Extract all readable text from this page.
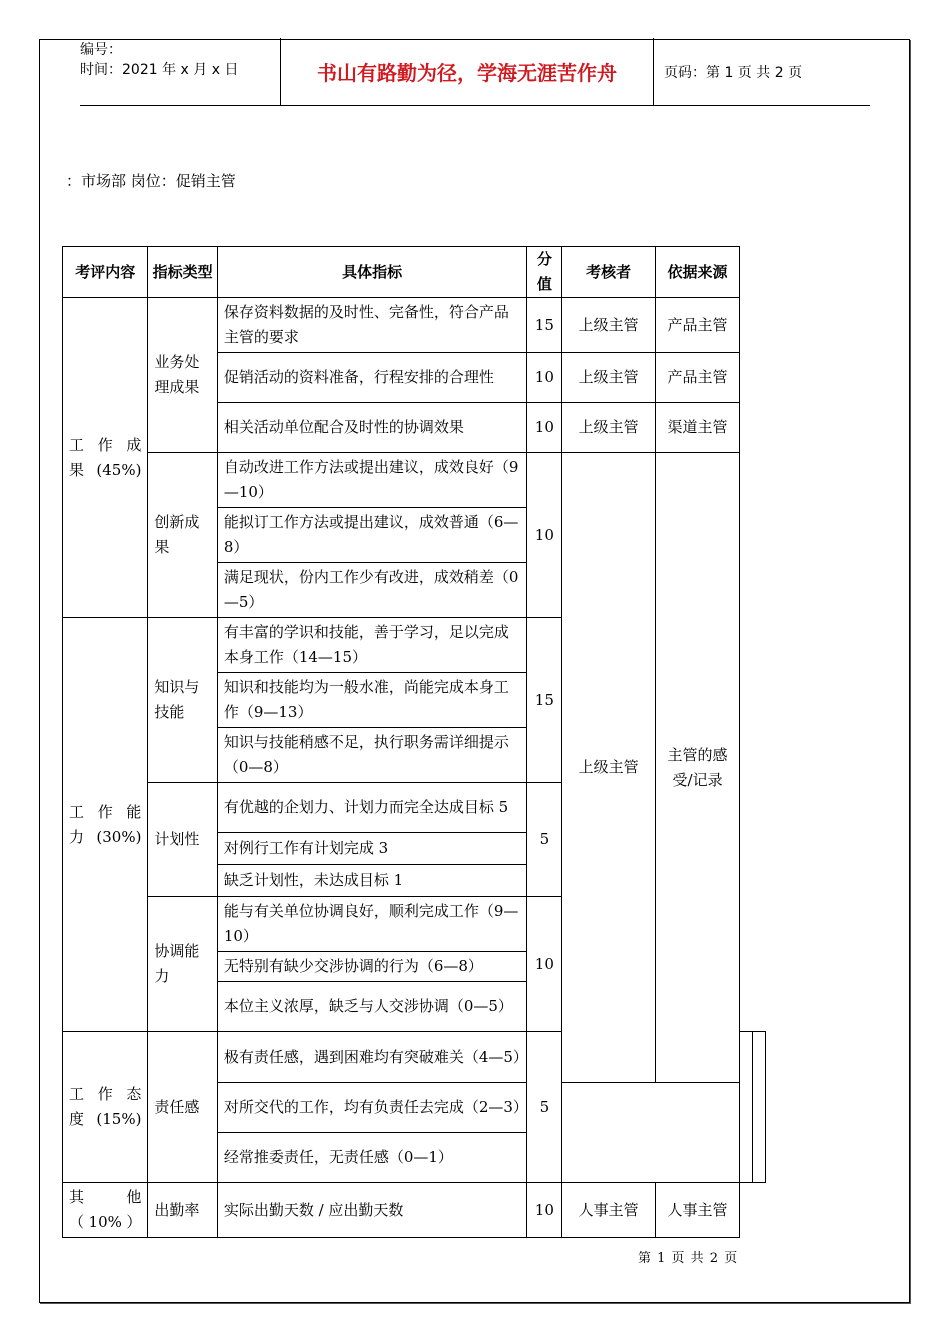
编号：
时间：2021 年 x 月 x 日	书山有路勤为径，学海无涯苦作舟	页码：第 1 页 共 2 页
：市场部 岗位：促销主管
考评内容	指标类型	具体指标	分值	考核者	依据来源		
工 作 成 果(45%)	业务处理成果	保存资料数据的及时性、完备性，符合产品主管的要求	15	上级主管	产品主管		
		促销活动的资料准备，行程安排的合理性	10	上级主管	产品主管		
		相关活动单位配合及时性的协调效果	10	上级主管	渠道主管		
	创新成果	自动改进工作方法或提出建议，成效良好（9—10）	10	上级主管	主管的感受/记录		
		能拟订工作方法或提出建议，成效普通（6—8）					
		满足现状，份内工作少有改进，成效稍差（0—5）					
工 作 能 力(30%)	知识与技能	有丰富的学识和技能，善于学习，足以完成本身工作（14—15）	15				
		知识和技能均为一般水准，尚能完成本身工作（9—13）					
		知识与技能稍感不足，执行职务需详细提示（0—8）					
	计划性	有优越的企划力、计划力而完全达成目标 5	5				
		对例行工作有计划完成 3					
		缺乏计划性，未达成目标 1					
	协调能力	能与有关单位协调良好，顺利完成工作（9—10）	10				
		无特别有缺少交涉协调的行为（6—8）					
		本位主义浓厚，缺乏与人交涉协调（0—5）					
工 作 态 度(15%)	责任感	极有责任感，遇到困难均有突破难关（4—5）	5				
		对所交代的工作，均有负责任去完成（2—3）					
		经常推委责任，无责任感（0—1）					
其 他（10%）	出勤率	实际出勤天数 / 应出勤天数	10	人事主管	人事主管		
第 1 页 共 2 页
